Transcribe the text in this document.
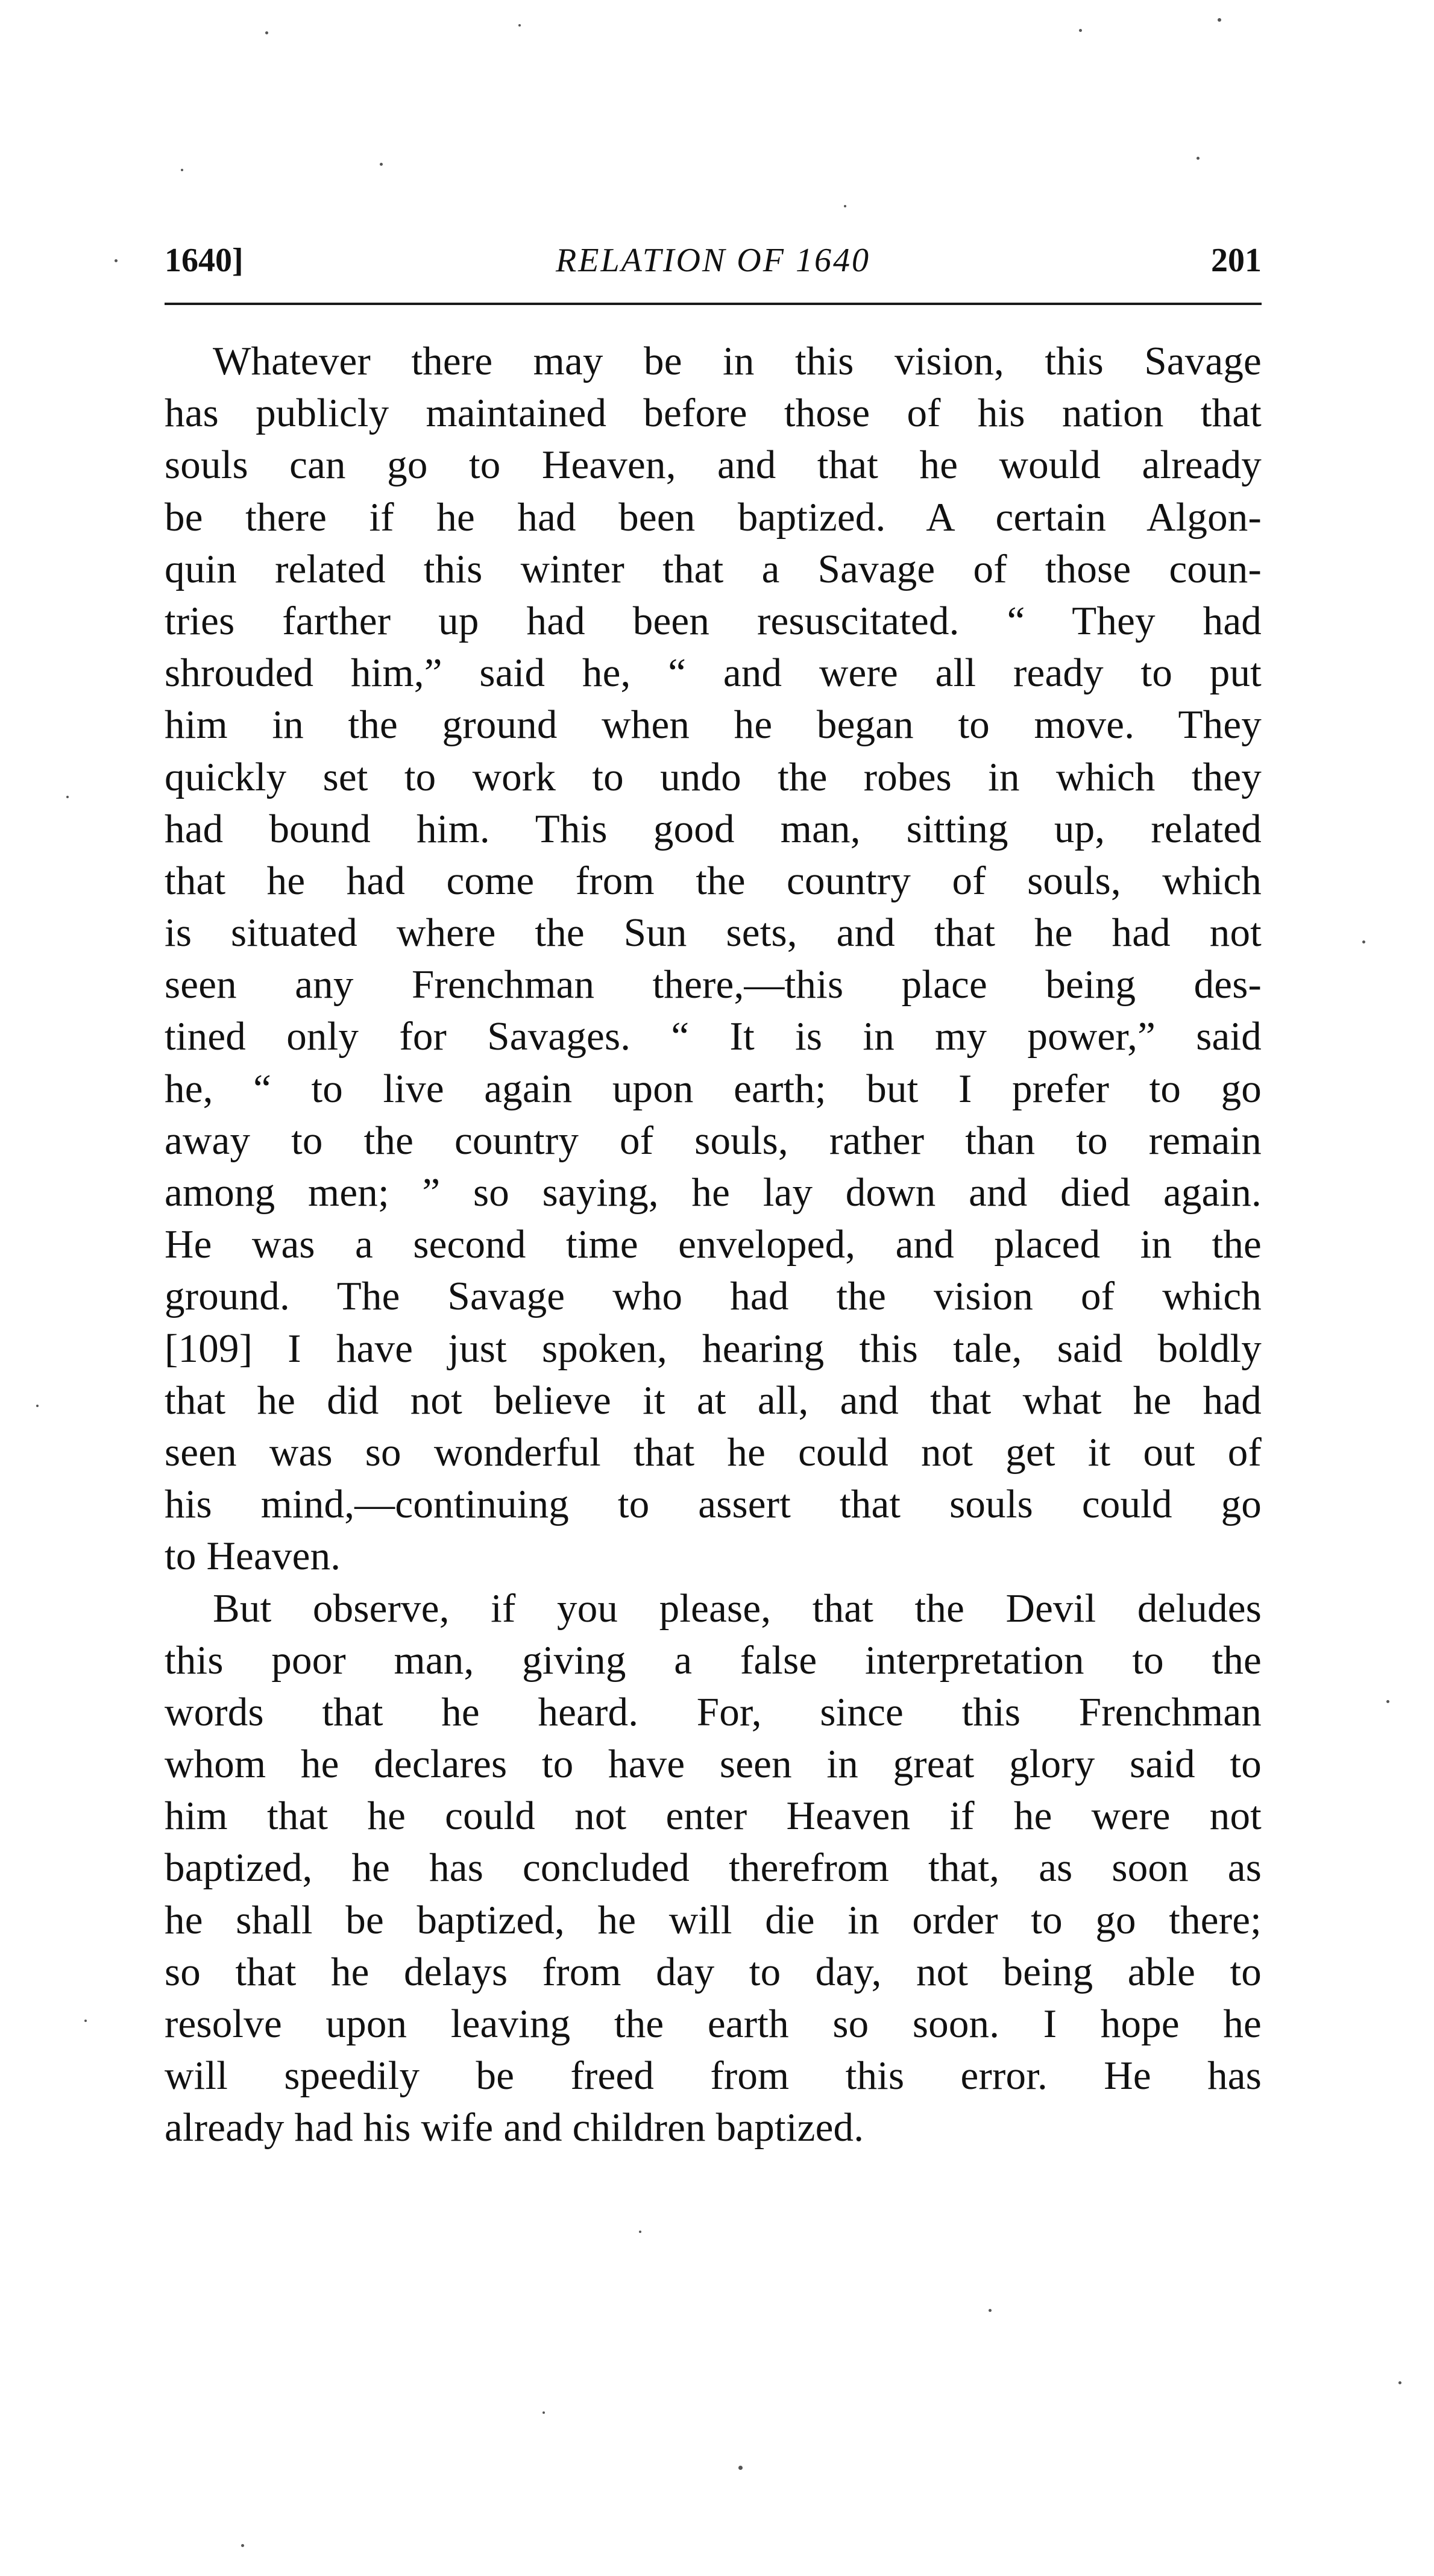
1640]	RELATION OF 1640	201
Whatever there may be in this vision, this Savage
has publicly maintained before those of his nation that
souls can go to Heaven, and that he would already
be there if he had been baptized. A certain Algon-
quin related this winter that a Savage of those coun-
tries farther up had been resuscitated. “ They had
shrouded him,” said he, “ and were all ready to put
him in the ground when he began to move. They
quickly set to work to undo the robes in which they
had bound him. This good man, sitting up, related
that he had come from the country of souls, which
is situated where the Sun sets, and that he had not
seen any Frenchman there,—this place being des-
tined only for Savages. “ It is in my power,” said
he, “ to live again upon earth; but I prefer to go
away to the country of souls, rather than to remain
among men; ” so saying, he lay down and died again.
He was a second time enveloped, and placed in the
ground. The Savage who had the vision of which
[109] I have just spoken, hearing this tale, said boldly
that he did not believe it at all, and that what he had
seen was so wonderful that he could not get it out of
his mind,—continuing to assert that souls could go
to Heaven.
But observe, if you please, that the Devil deludes
this poor man, giving a false interpretation to the
words that he heard. For, since this Frenchman
whom he declares to have seen in great glory said to
him that he could not enter Heaven if he were not
baptized, he has concluded therefrom that, as soon as
he shall be baptized, he will die in order to go there;
so that he delays from day to day, not being able to
resolve upon leaving the earth so soon. I hope he
will speedily be freed from this error. He has
already had his wife and children baptized.
